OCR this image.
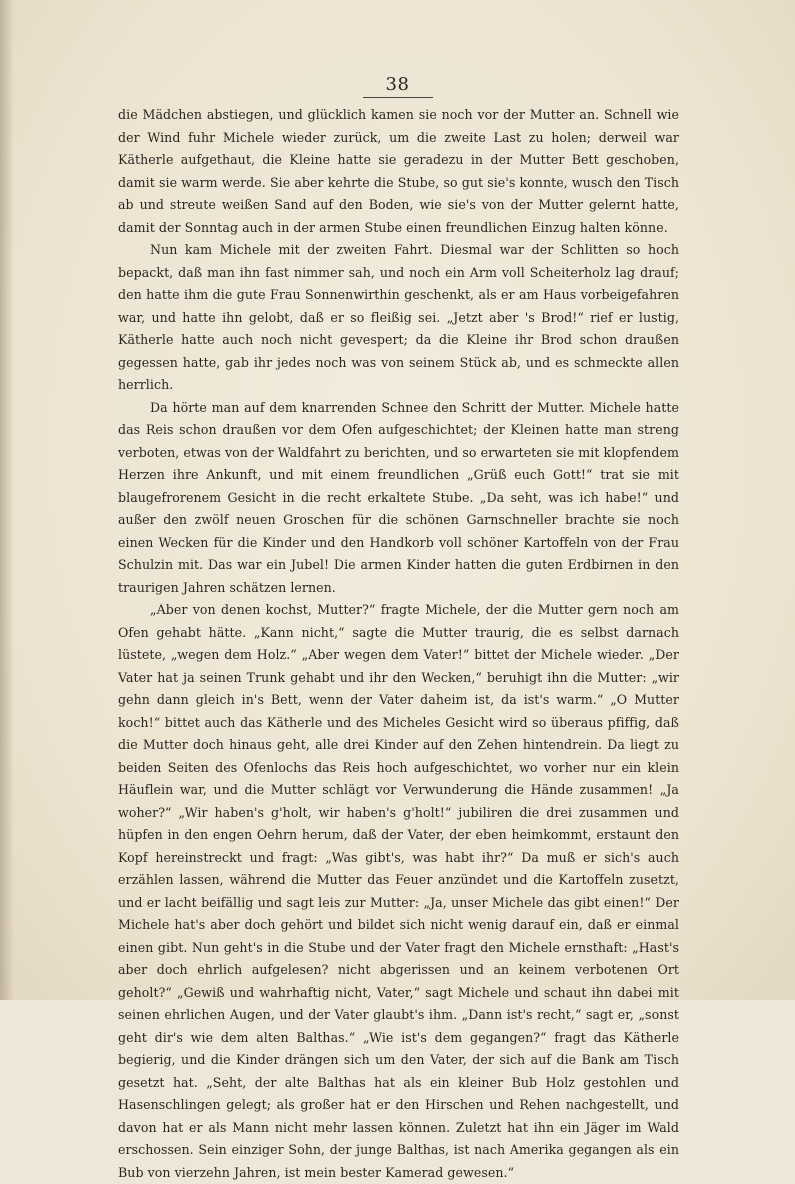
38

die Mädchen abstiegen, und glücklich kamen sie noch vor der Mutter an. Schnell wie der Wind fuhr Michele wieder zurück, um die zweite Last zu holen; derweil war Kätherle aufgethaut, die Kleine hatte sie geradezu in der Mutter Bett geschoben, damit sie warm werde. Sie aber kehrte die Stube, so gut sie's konnte, wusch den Tisch ab und streute weißen Sand auf den Boden, wie sie's von der Mutter gelernt hatte, damit der Sonntag auch in der armen Stube einen freundlichen Einzug halten könne.

Nun kam Michele mit der zweiten Fahrt. Diesmal war der Schlitten so hoch bepackt, daß man ihn fast nimmer sah, und noch ein Arm voll Scheiterholz lag drauf; den hatte ihm die gute Frau Sonnenwirthin geschenkt, als er am Haus vorbeigefahren war, und hatte ihn gelobt, daß er so fleißig sei. „Jetzt aber 's Brod!“ rief er lustig, Kätherle hatte auch noch nicht gevespert; da die Kleine ihr Brod schon draußen gegessen hatte, gab ihr jedes noch was von seinem Stück ab, und es schmeckte allen herrlich.

Da hörte man auf dem knarrenden Schnee den Schritt der Mutter. Michele hatte das Reis schon draußen vor dem Ofen aufgeschichtet; der Kleinen hatte man streng verboten, etwas von der Waldfahrt zu berichten, und so erwarteten sie mit klopfendem Herzen ihre Ankunft, und mit einem freundlichen „Grüß euch Gott!“ trat sie mit blaugefrorenem Gesicht in die recht erkaltete Stube. „Da seht, was ich habe!“ und außer den zwölf neuen Groschen für die schönen Garnschneller brachte sie noch einen Wecken für die Kinder und den Handkorb voll schöner Kartoffeln von der Frau Schulzin mit. Das war ein Jubel! Die armen Kinder hatten die guten Erdbirnen in den traurigen Jahren schätzen lernen.

„Aber von denen kochst, Mutter?“ fragte Michele, der die Mutter gern noch am Ofen gehabt hätte. „Kann nicht,“ sagte die Mutter traurig, die es selbst darnach lüstete, „wegen dem Holz.“ „Aber wegen dem Vater!“ bittet der Michele wieder. „Der Vater hat ja seinen Trunk gehabt und ihr den Wecken,“ beruhigt ihn die Mutter: „wir gehn dann gleich in's Bett, wenn der Vater daheim ist, da ist's warm.“ „O Mutter koch!“ bittet auch das Kätherle und des Micheles Gesicht wird so überaus pfiffig, daß die Mutter doch hinaus geht, alle drei Kinder auf den Zehen hintendrein. Da liegt zu beiden Seiten des Ofenlochs das Reis hoch aufgeschichtet, wo vorher nur ein klein Häuflein war, und die Mutter schlägt vor Verwunderung die Hände zusammen! „Ja woher?“ „Wir haben's g'holt, wir haben's g'holt!“ jubiliren die drei zusammen und hüpfen in den engen Oehrn herum, daß der Vater, der eben heimkommt, erstaunt den Kopf hereinstreckt und fragt: „Was gibt's, was habt ihr?“ Da muß er sich's auch erzählen lassen, während die Mutter das Feuer anzündet und die Kartoffeln zusetzt, und er lacht beifällig und sagt leis zur Mutter: „Ja, unser Michele das gibt einen!“ Der Michele hat's aber doch gehört und bildet sich nicht wenig darauf ein, daß er einmal einen gibt. Nun geht's in die Stube und der Vater fragt den Michele ernsthaft: „Hast's aber doch ehrlich aufgelesen? nicht abgerissen und an keinem verbotenen Ort geholt?“ „Gewiß und wahrhaftig nicht, Vater,“ sagt Michele und schaut ihn dabei mit seinen ehrlichen Augen, und der Vater glaubt's ihm. „Dann ist's recht,“ sagt er, „sonst geht dir's wie dem alten Balthas.“ „Wie ist's dem gegangen?“ fragt das Kätherle begierig, und die Kinder drängen sich um den Vater, der sich auf die Bank am Tisch gesetzt hat. „Seht, der alte Balthas hat als ein kleiner Bub Holz gestohlen und Hasenschlingen gelegt; als großer hat er den Hirschen und Rehen nachgestellt, und davon hat er als Mann nicht mehr lassen können. Zuletzt hat ihn ein Jäger im Wald erschossen. Sein einziger Sohn, der junge Balthas, ist nach Amerika gegangen als ein Bub von vierzehn Jahren, ist mein bester Kamerad gewesen.“
